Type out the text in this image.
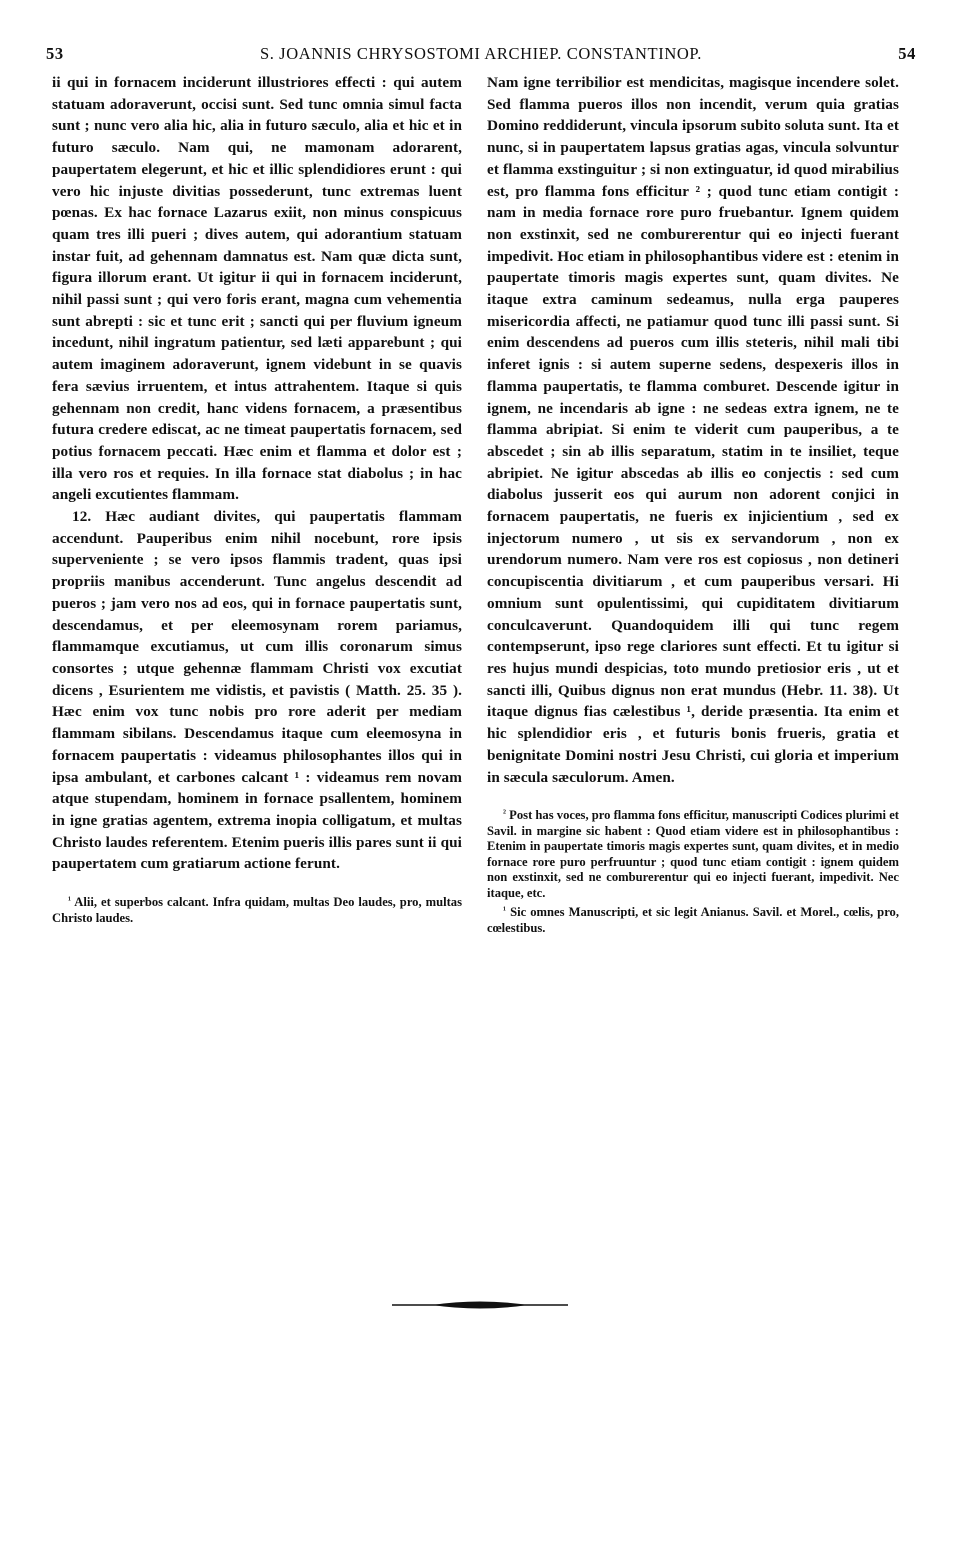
53	S. JOANNIS CHRYSOSTOMI ARCHIEP. CONSTANTINOP.	54

ii qui in fornacem inciderunt illustriores effecti : qui autem statuam adoraverunt, occisi sunt. Sed tunc omnia simul facta sunt ; nunc vero alia hic, alia in futuro sæculo, alia et hic et in futuro sæculo. Nam qui, ne mamonam adorarent, paupertatem elegerunt, et hic et illic splendidiores erunt : qui vero hic injuste divitias possederunt, tunc extremas luent pœnas. Ex hac fornace Lazarus exiit, non minus conspicuus quam tres illi pueri ; dives autem, qui adorantium statuam instar fuit, ad gehennam damnatus est. Nam quæ dicta sunt, figura illorum erant. Ut igitur ii qui in fornacem inciderunt, nihil passi sunt ; qui vero foris erant, magna cum vehementia sunt abrepti : sic et tunc erit ; sancti qui per fluvium igneum incedunt, nihil ingratum patientur, sed læti apparebunt ; qui autem imaginem adoraverunt, ignem videbunt in se quavis fera sævius irruentem, et intus attrahentem. Itaque si quis gehennam non credit, hanc videns fornacem, a præsentibus futura credere ediscat, ac ne timeat paupertatis fornacem, sed potius fornacem peccati. Hæc enim et flamma et dolor est ; illa vero ros et requies. In illa fornace stat diabolus ; in hac angeli excutientes flammam.

12. Hæc audiant divites, qui paupertatis flammam accendunt. Pauperibus enim nihil nocebunt, rore ipsis superveniente ; se vero ipsos flammis tradent, quas ipsi propriis manibus accenderunt. Tunc angelus descendit ad pueros ; jam vero nos ad eos, qui in fornace paupertatis sunt, descendamus, et per eleemosynam rorem pariamus, flammamque excutiamus, ut cum illis coronarum simus consortes ; utque gehennæ flammam Christi vox excutiat dicens , Esurientem me vidistis, et pavistis ( Matth. 25. 35 ). Hæc enim vox tunc nobis pro rore aderit per mediam flammam sibilans. Descendamus itaque cum eleemosyna in fornacem paupertatis : videamus philosophantes illos qui in ipsa ambulant, et carbones calcant ¹ : videamus rem novam atque stupendam, hominem in fornace psallentem, hominem in igne gratias agentem, extrema inopia colligatum, et multas Christo laudes referentem. Etenim pueris illis pares sunt ii qui paupertatem cum gratiarum actione ferunt.

$^{^1}$ Alii, et superbos calcant. Infra quidam, multas Deo laudes, pro, multas Christo laudes.

Nam igne terribilior est mendicitas, magisque incendere solet. Sed flamma pueros illos non incendit, verum quia gratias Domino reddiderunt, vincula ipsorum subito soluta sunt. Ita et nunc, si in paupertatem lapsus gratias agas, vincula solvuntur et flamma exstinguitur ; si non extinguatur, id quod mirabilius est, pro flamma fons efficitur ² ; quod tunc etiam contigit : nam in media fornace rore puro fruebantur. Ignem quidem non exstinxit, sed ne comburerentur qui eo injecti fuerant impedivit. Hoc etiam in philosophantibus videre est : etenim in paupertate timoris magis expertes sunt, quam divites. Ne itaque extra caminum sedeamus, nulla erga pauperes misericordia affecti, ne patiamur quod tunc illi passi sunt. Si enim descendens ad pueros cum illis steteris, nihil mali tibi inferet ignis : si autem superne sedens, despexeris illos in flamma paupertatis, te flamma comburet. Descende igitur in ignem, ne incendaris ab igne : ne sedeas extra ignem, ne te flamma abripiat. Si enim te viderit cum pauperibus, a te abscedet ; sin ab illis separatum, statim in te insiliet, teque abripiet. Ne igitur abscedas ab illis eo conjectis : sed cum diabolus jusserit eos qui aurum non adorent conjici in fornacem paupertatis, ne fueris ex injicientium , sed ex injectorum numero , ut sis ex servandorum , non ex urendorum numero. Nam vere ros est copiosus , non detineri concupiscentia divitiarum , et cum pauperibus versari. Hi omnium sunt opulentissimi, qui cupiditatem divitiarum conculcaverunt. Quandoquidem illi qui tunc regem contempserunt, ipso rege clariores sunt effecti. Et tu igitur si res hujus mundi despicias, toto mundo pretiosior eris , ut et sancti illi, Quibus dignus non erat mundus (Hebr. 11. 38). Ut itaque dignus fias cælestibus ¹, deride præsentia. Ita enim et hic splendidior eris , et futuris bonis frueris, gratia et benignitate Domini nostri Jesu Christi, cui gloria et imperium in sæcula sæculorum. Amen.

$^{^2}$ Post has voces, pro flamma fons efficitur, manuscripti Codices plurimi et Savil. in margine sic habent : Quod etiam videre est in philosophantibus : Etenim in paupertate timoris magis expertes sunt, quam divites, et in medio fornace rore puro perfruuntur ; quod tunc etiam contigit : ignem quidem non exstinxit, sed ne comburerentur qui eo injecti fuerant, impedivit. Nec itaque, etc.

$^{^1}$ Sic omnes Manuscripti, et sic legit Anianus. Savil. et Morel., cœlis, pro, cœlestibus.
